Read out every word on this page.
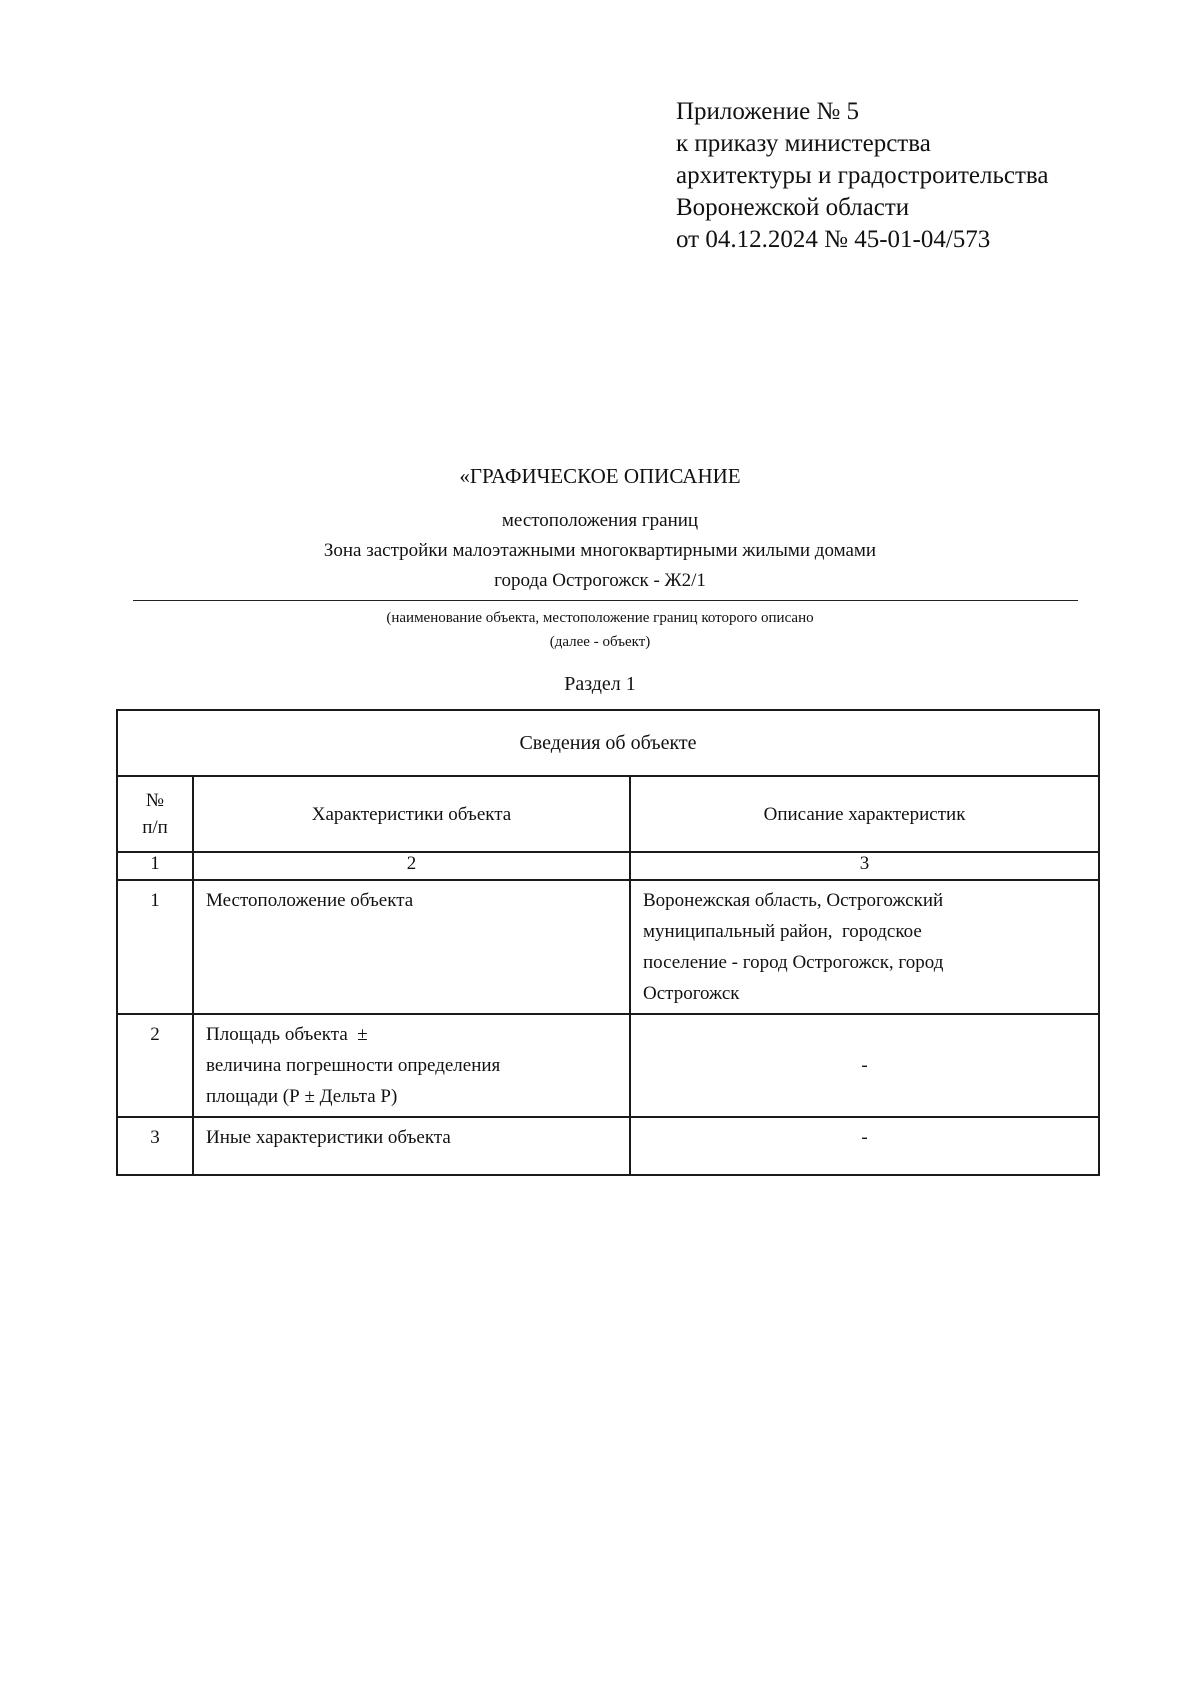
Приложение № 5
к приказу министерства
архитектуры и градостроительства
Воронежской области
от 04.12.2024 № 45-01-04/573
«ГРАФИЧЕСКОЕ ОПИСАНИЕ
местоположения границ
Зона застройки малоэтажными многоквартирными жилыми домами
города Острогожск - Ж2/1
(наименование объекта, местоположение границ которого описано
(далее - объект)
Раздел 1
Сведения об объекте		

№
п/п	Характеристики объекта	Описание характеристик
1	2	3
1	Местоположение объекта	Воронежская область, Острогожский
муниципальный район,  городское
поселение - город Острогожск, город
Острогожск

2	Площадь объекта  ±
величина погрешности определения
площади (Р ± Дельта Р)	-
3	Иные характеристики объекта	-
